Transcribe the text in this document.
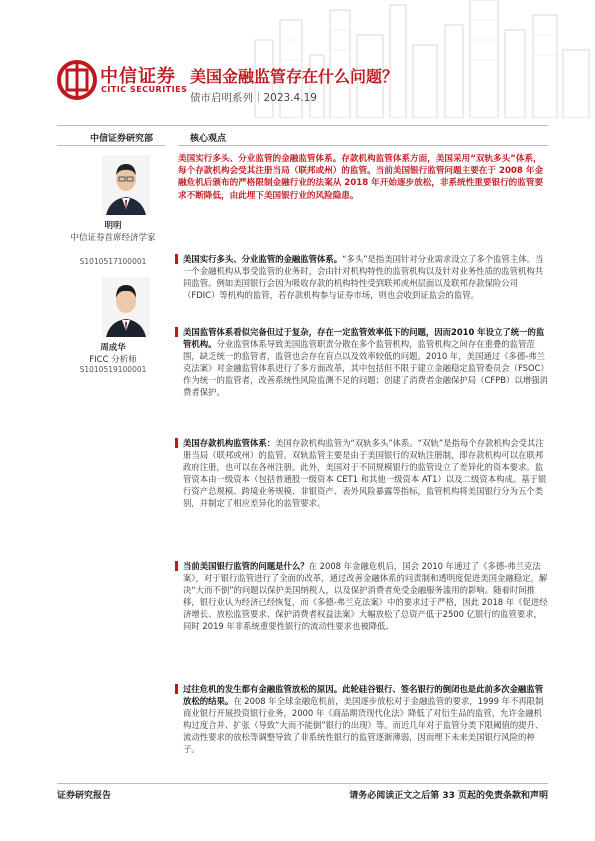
中信证券
CITIC SECURITIES
美国金融监管存在什么问题？
债市启明系列｜2023.4.19
中信证券研究部	核心观点
明明
中信证券首席经济学家
S1010517100001
周成华
FICC 分析师
S1010519100001
美国实行多头、分业监管的金融监管体系。存款机构监管体系方面，美国采用“双轨多头”体系，每个存款机构会受其注册当局（联邦或州）的监管。当前美国银行监管问题主要在于 2008 年金融危机后颁布的严格限制金融行业的法案从 2018 年开始逐步放松，非系统性重要银行的监管要求不断降低，由此埋下美国银行业的风险隐患。
美国实行多头、分业监管的金融监管体系。“多头”是指美国针对分业需求设立了多个监管主体。当一个金融机构从事受监管的业务时，会由针对机构特性的监管机构以及针对业务性质的监管机构共同监管。例如美国银行会因为吸收存款的机构特性受到联邦或州层面以及联邦存款保险公司（FDIC）等机构的监管，若存款机构参与证券市场，则也会收到证监会的监管。
美国监管体系看似完备但过于复杂，存在一定监管效率低下的问题，因而2010 年设立了统一的监管机构。分业监管体系导致美国监管职责分散在多个监管机构，监管机构之间存在重叠的监管范围，缺乏统一的监管者，监管也会存在盲点以及效率较低的问题。2010 年，美国通过《多德-弗兰克法案》对金融监管体系进行了多方面改革，其中包括但不限于建立金融稳定监管委员会（FSOC）作为统一的监管者，改善系统性风险监测不足的问题；创建了消费者金融保护局（CFPB）以增强消费者保护。
美国存款机构监管体系：美国存款机构监管为“双轨多头”体系。“双轨”是指每个存款机构会受其注册当局（联邦或州）的监管。双轨监管主要是由于美国银行的双轨注册制，即存款机构可以在联邦政府注册，也可以在各州注册。此外，美国对于不同规模银行的监管设立了差异化的资本要求。监管资本由一级资本（包括普通股一级资本 CET1 和其他一级资本 AT1）以及二级资本构成。基于银行资产总规模、跨境业务规模、非银资产、表外风险暴露等指标，监管机构将美国银行分为五个类别，并制定了相应差异化的监管要求。
当前美国银行监管的问题是什么？在 2008 年金融危机后，国会 2010 年通过了《多德-弗兰克法案》，对于银行监管进行了全面的改革，通过改善金融体系的问责制和透明度促进美国金融稳定，解决“大而不倒”的问题以保护美国纳税人，以及保护消费者免受金融服务滥用的影响。随着时间推移，银行业认为经济已经恢复，而《多德-弗兰克法案》中的要求过于严格，因此 2018 年《促进经济增长、放松监管要求、保护消费者权益法案》大幅放松了总资产低于2500 亿银行的监管要求，同时 2019 年非系统重要性银行的流动性要求也被降低。
过往危机的发生都有金融监管放松的原因。此轮硅谷银行、签名银行的倒闭也是此前多次金融监管放松的结果。在 2008 年全球金融危机前，美国逐步放松对于金融监管的要求，1999 年不再限制商业银行开展投资银行业务，2000 年《商品期货现代化法》降低了对衍生品的监管，允许金融机构过度合并、扩张（导致“大而不能倒”银行的出现）等。而近几年对于监管分类下限阈值的提升、流动性要求的放松等调整导致了非系统性银行的监管逐渐薄弱，因而埋下未来美国银行风险的种子。
证券研究报告	请务必阅读正文之后第 33 页起的免责条款和声明
